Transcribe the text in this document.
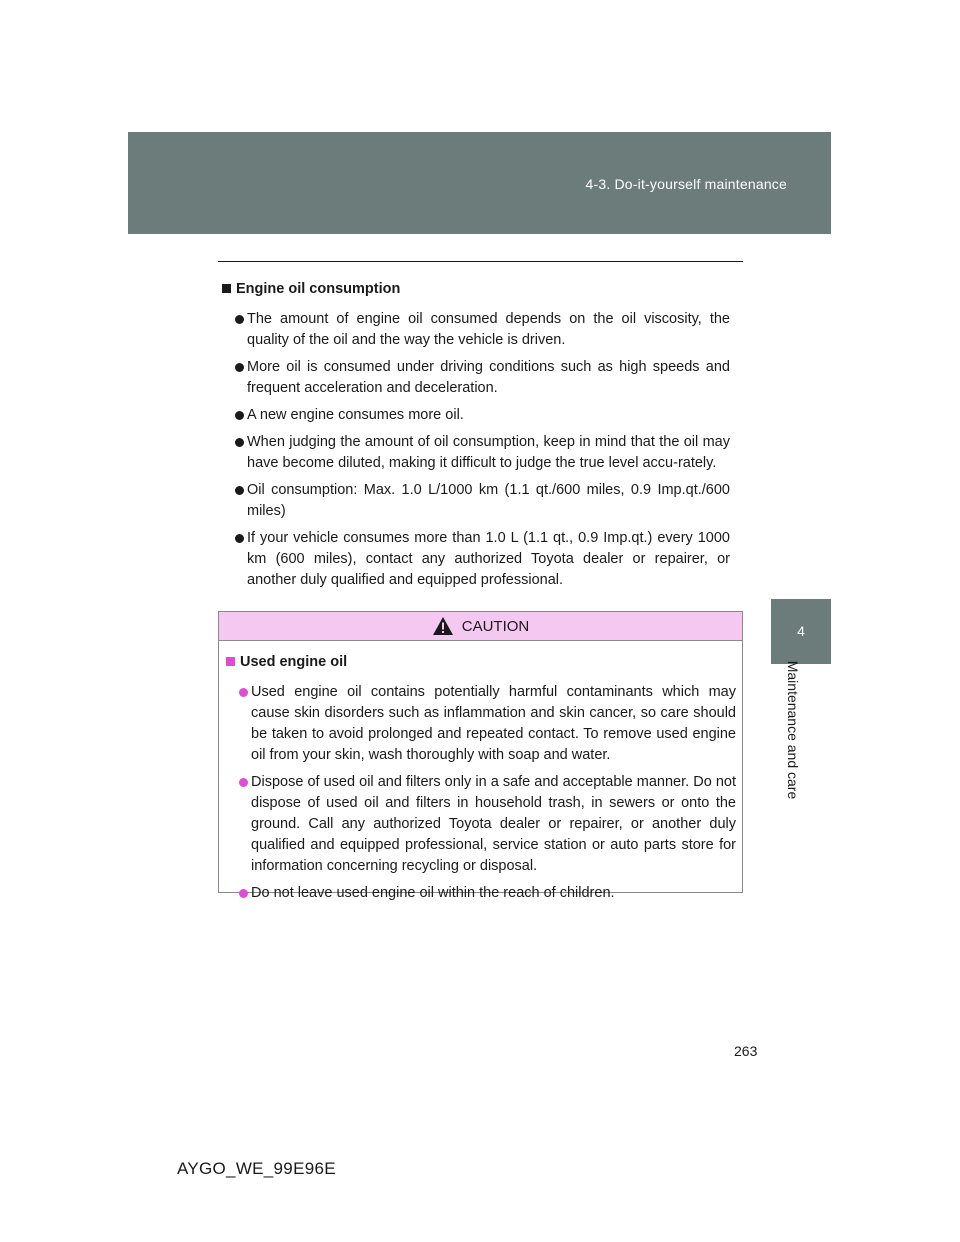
4-3. Do-it-yourself maintenance
4
Maintenance and care
Engine oil consumption
The amount of engine oil consumed depends on the oil viscosity, the quality of the oil and the way the vehicle is driven.
More oil is consumed under driving conditions such as high speeds and frequent acceleration and deceleration.
A new engine consumes more oil.
When judging the amount of oil consumption, keep in mind that the oil may have become diluted, making it difficult to judge the true level accu-rately.
Oil consumption: Max. 1.0 L/1000 km (1.1 qt./600 miles, 0.9 Imp.qt./600 miles)
If your vehicle consumes more than 1.0 L (1.1 qt., 0.9 Imp.qt.) every 1000 km (600 miles), contact any authorized Toyota dealer or repairer, or another duly qualified and equipped professional.
CAUTION
Used engine oil
Used engine oil contains potentially harmful contaminants which may cause skin disorders such as inflammation and skin cancer, so care should be taken to avoid prolonged and repeated contact. To remove used engine oil from your skin, wash thoroughly with soap and water.
Dispose of used oil and filters only in a safe and acceptable manner. Do not dispose of used oil and filters in household trash, in sewers or onto the ground. Call any authorized Toyota dealer or repairer, or another duly qualified and equipped professional, service station or auto parts store for information concerning recycling or disposal.
Do not leave used engine oil within the reach of children.
263
AYGO_WE_99E96E
